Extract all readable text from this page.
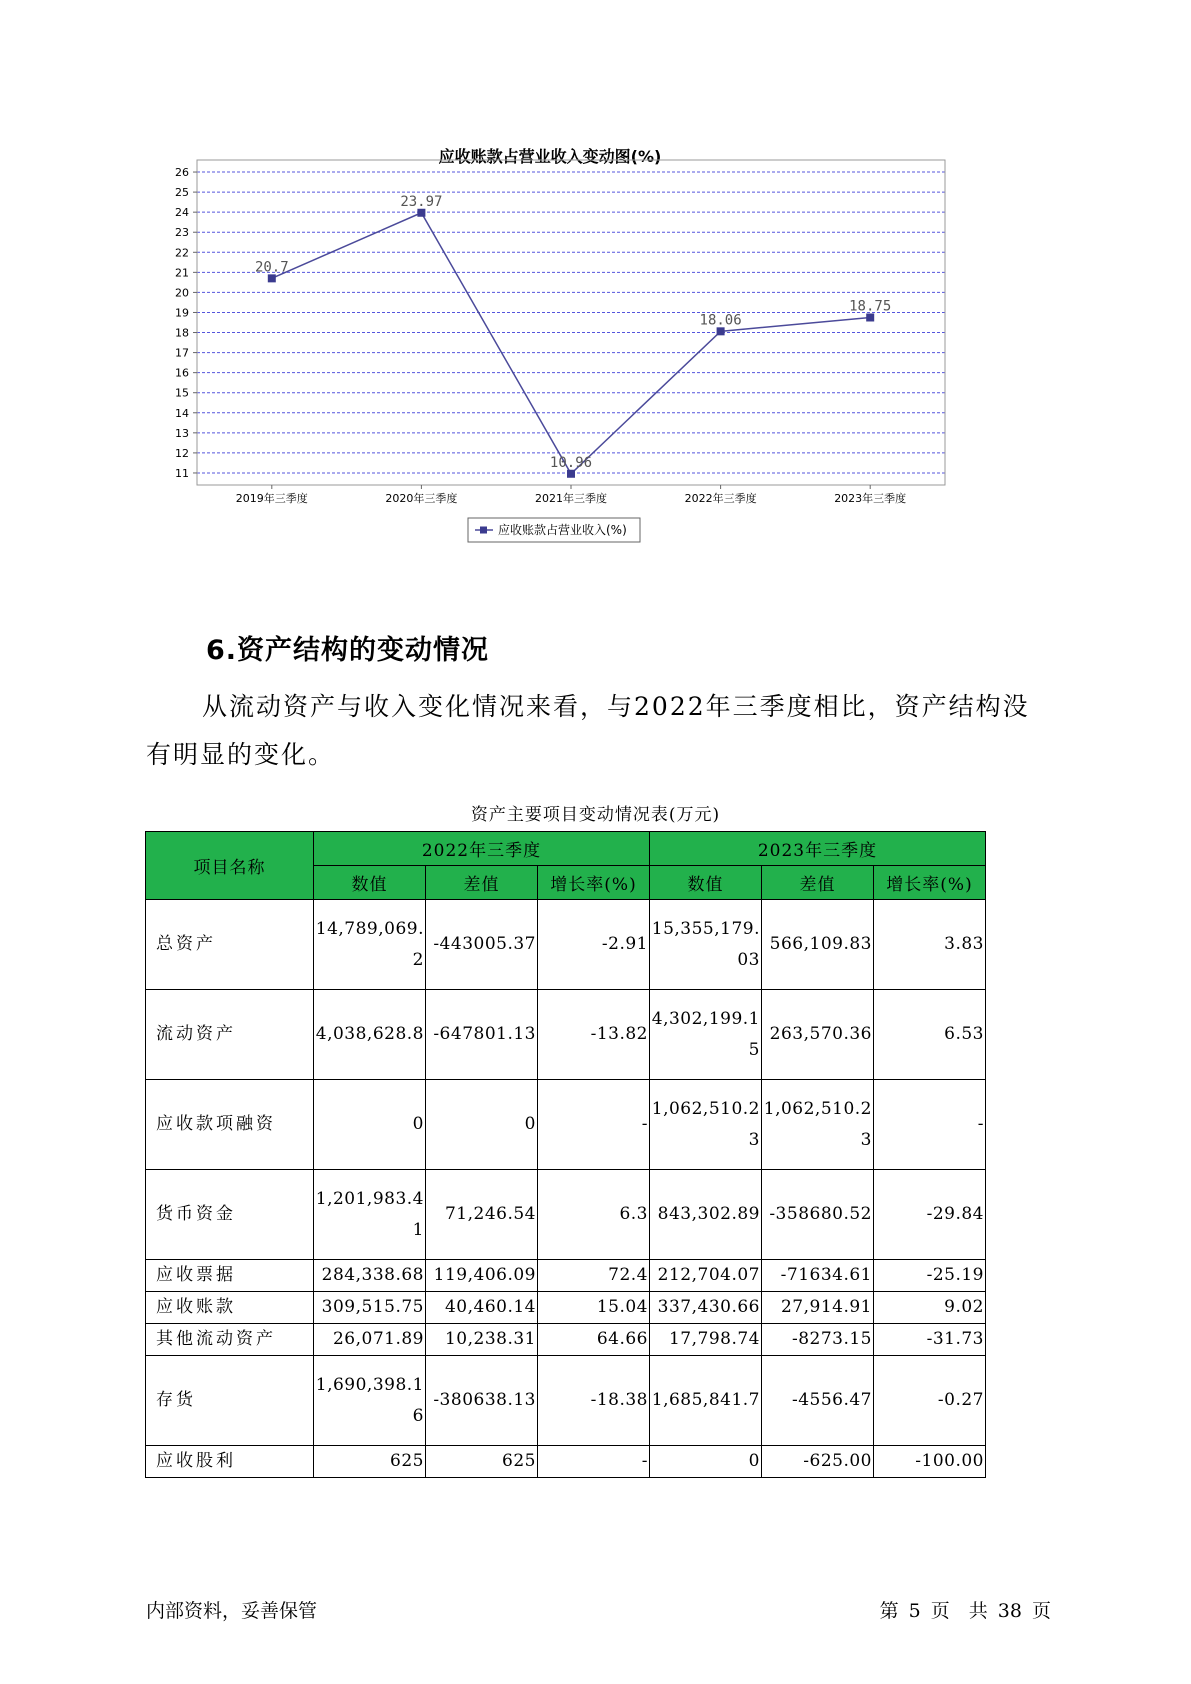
应收账款占营业收入变动图(%)
11
12
13
14
15
16
17
18
19
20
21
22
23
24
25
26
2019年三季度	2020年三季度	2021年三季度	2022年三季度	2023年三季度
20.7
23.97
10.96
18.06
18.75
应收账款占营业收入(%)
6.资产结构的变动情况
从流动资产与收入变化情况来看，与2022年三季度相比，资产结构没有明显的变化。
资产主要项目变动情况表(万元)
项目名称	2022年三季度			2023年三季度		
	数值	差值	增长率(%)	数值	差值	增长率(%)
总资产	14,789,069.2	-443005.37	-2.91	15,355,179.03	566,109.83	3.83
流动资产	4,038,628.8	-647801.13	-13.82	4,302,199.15	263,570.36	6.53
应收款项融资	0	0	-	1,062,510.23	1,062,510.23	-
货币资金	1,201,983.41	71,246.54	6.3	843,302.89	-358680.52	-29.84
应收票据	284,338.68	119,406.09	72.4	212,704.07	-71634.61	-25.19
应收账款	309,515.75	40,460.14	15.04	337,430.66	27,914.91	9.02
其他流动资产	26,071.89	10,238.31	64.66	17,798.74	-8273.15	-31.73
存货	1,690,398.16	-380638.13	-18.38	1,685,841.7	-4556.47	-0.27
应收股利	625	625	-	0	-625.00	-100.00
内部资料，妥善保管	第 5 页　共 38 页
